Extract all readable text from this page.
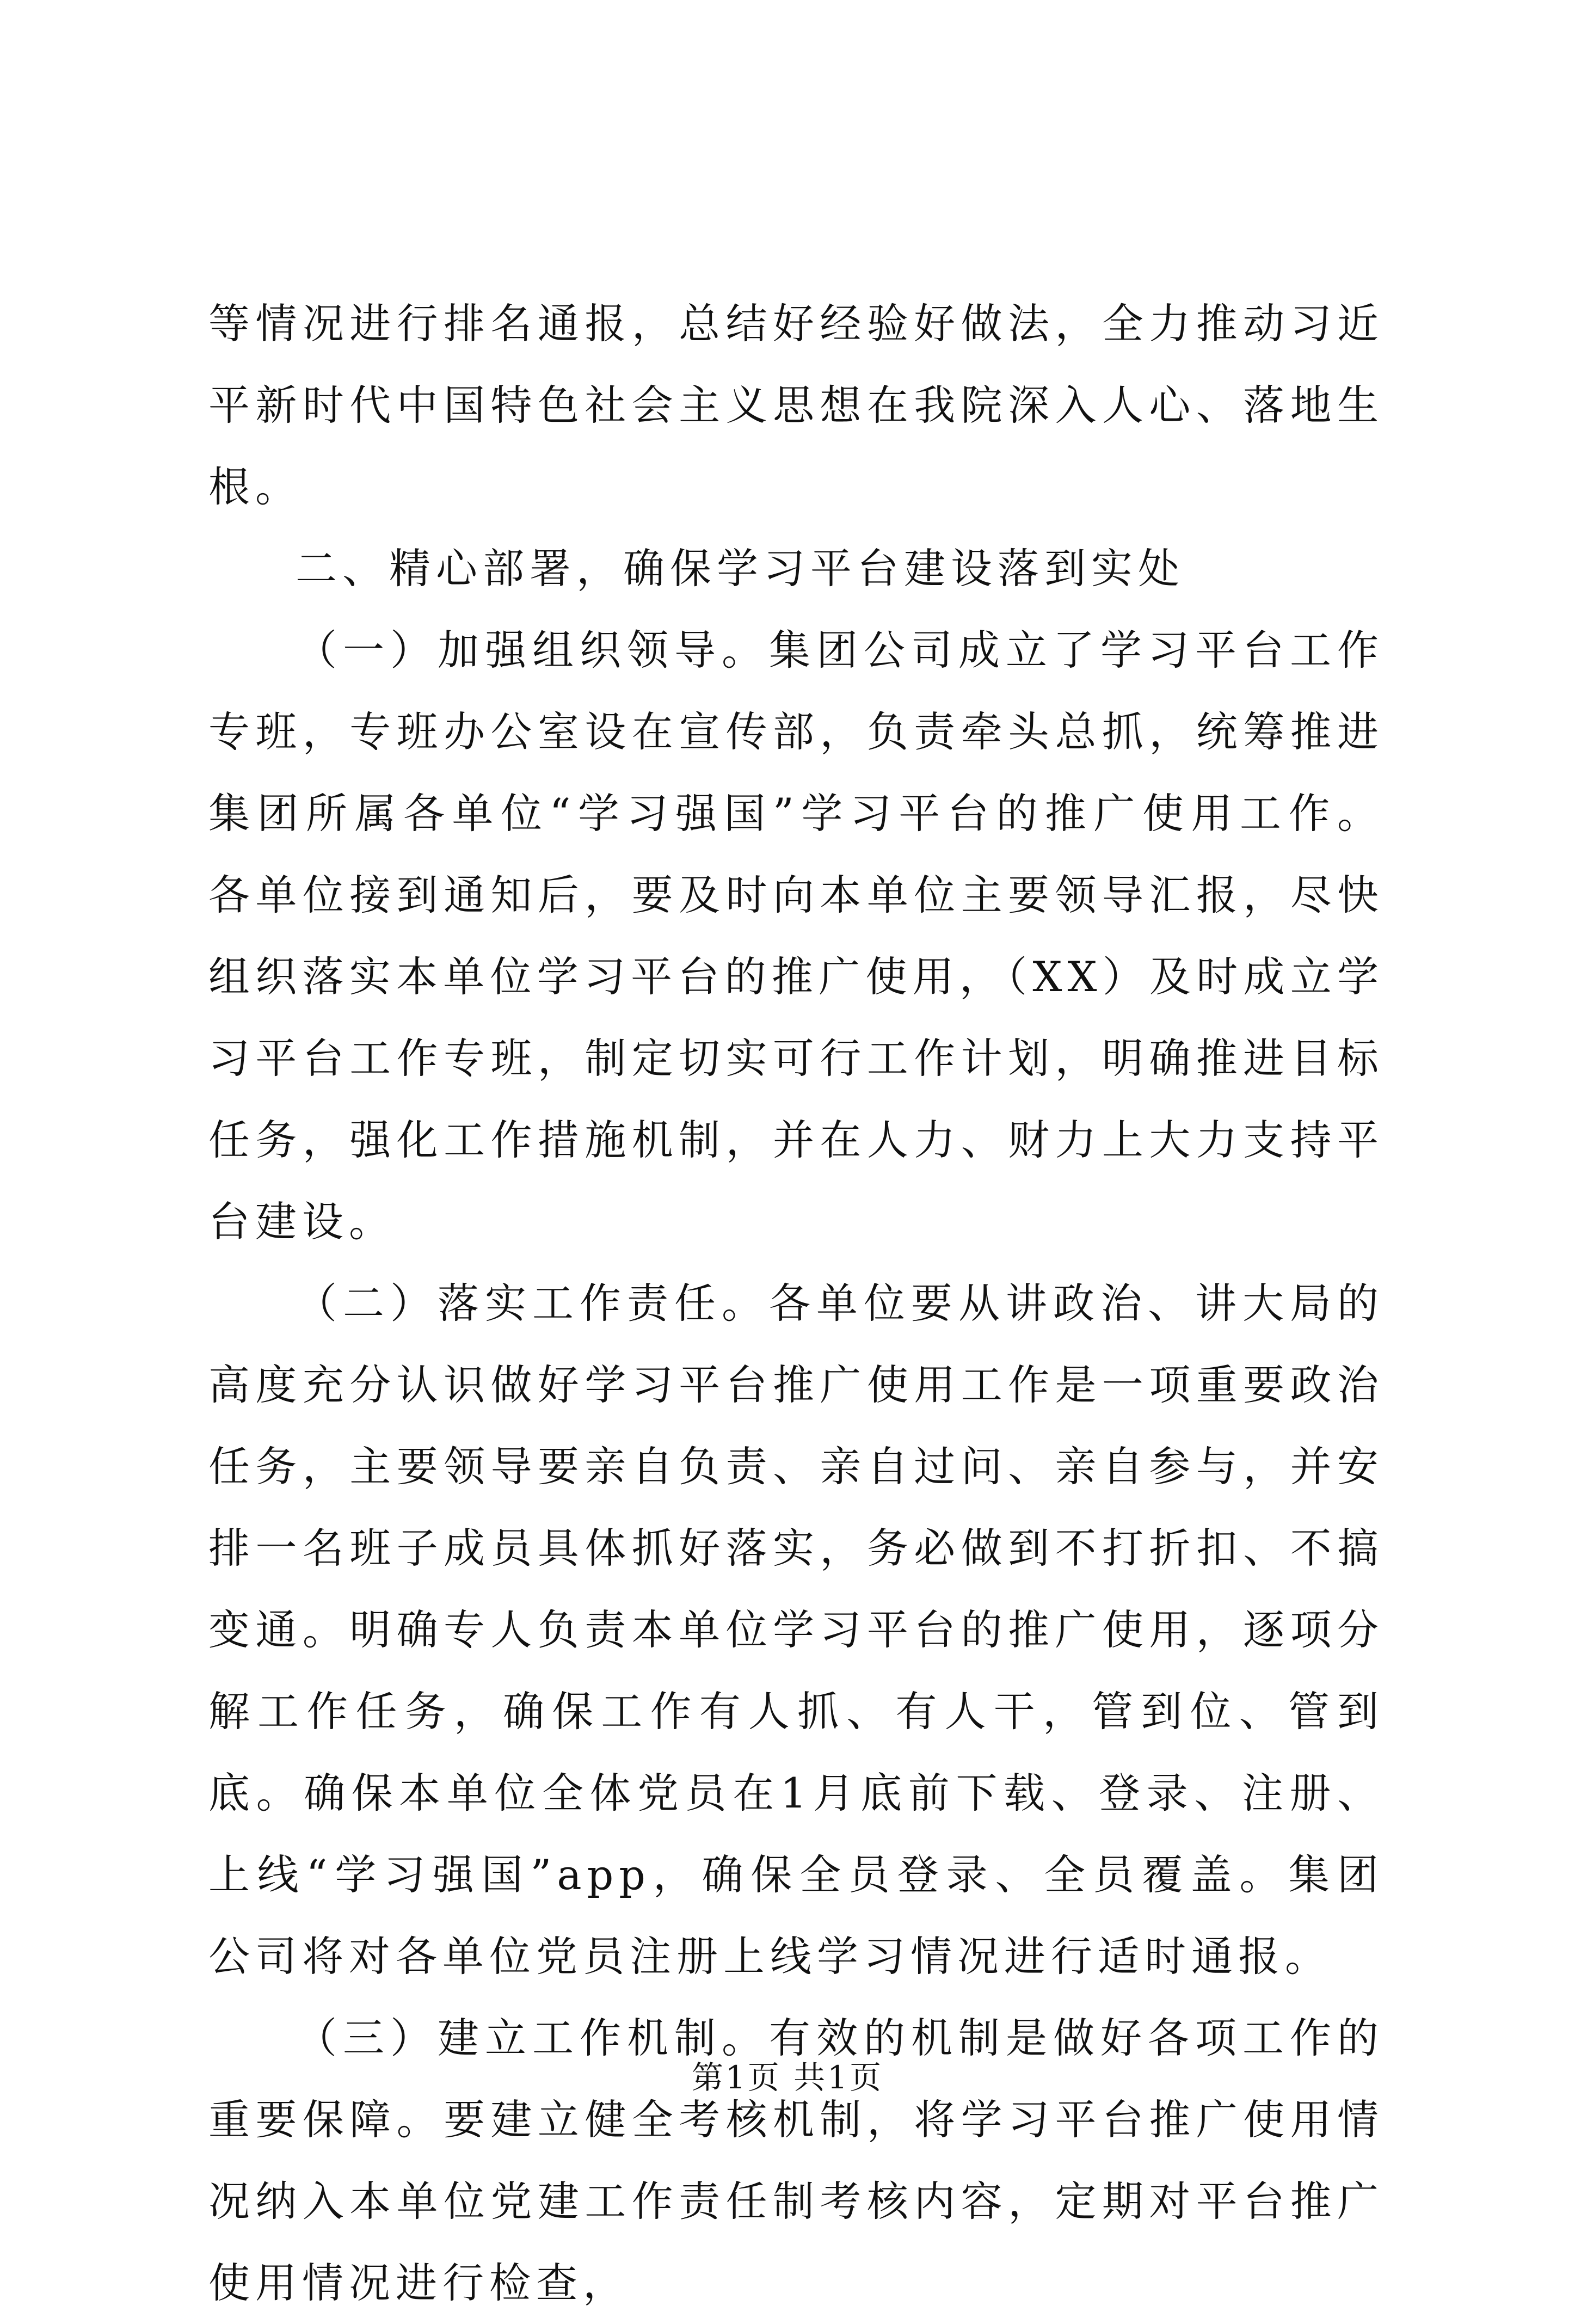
等情况进行排名通报，总结好经验好做法，全力推动习近平新时代中国特色社会主义思想在我院深入人心、落地生根。

二、精心部署，确保学习平台建设落到实处

（一）加强组织领导。集团公司成立了学习平台工作专班，专班办公室设在宣传部，负责牵头总抓，统筹推进集团所属各单位“学习强国”学习平台的推广使用工作。各单位接到通知后，要及时向本单位主要领导汇报，尽快组织落实本单位学习平台的推广使用，（XX）及时成立学习平台工作专班，制定切实可行工作计划，明确推进目标任务，强化工作措施机制，并在人力、财力上大力支持平台建设。

（二）落实工作责任。各单位要从讲政治、讲大局的高度充分认识做好学习平台推广使用工作是一项重要政治任务，主要领导要亲自负责、亲自过问、亲自参与，并安排一名班子成员具体抓好落实，务必做到不打折扣、不搞变通。明确专人负责本单位学习平台的推广使用，逐项分解工作任务，确保工作有人抓、有人干，管到位、管到底。确保本单位全体党员在1月底前下载、登录、注册、上线“学习强国”app，确保全员登录、全员覆盖。集团公司将对各单位党员注册上线学习情况进行适时通报。

（三）建立工作机制。有效的机制是做好各项工作的重要保障。要建立健全考核机制，将学习平台推广使用情况纳入本单位党建工作责任制考核内容，定期对平台推广使用情况进行检查，

第1页 共1页
